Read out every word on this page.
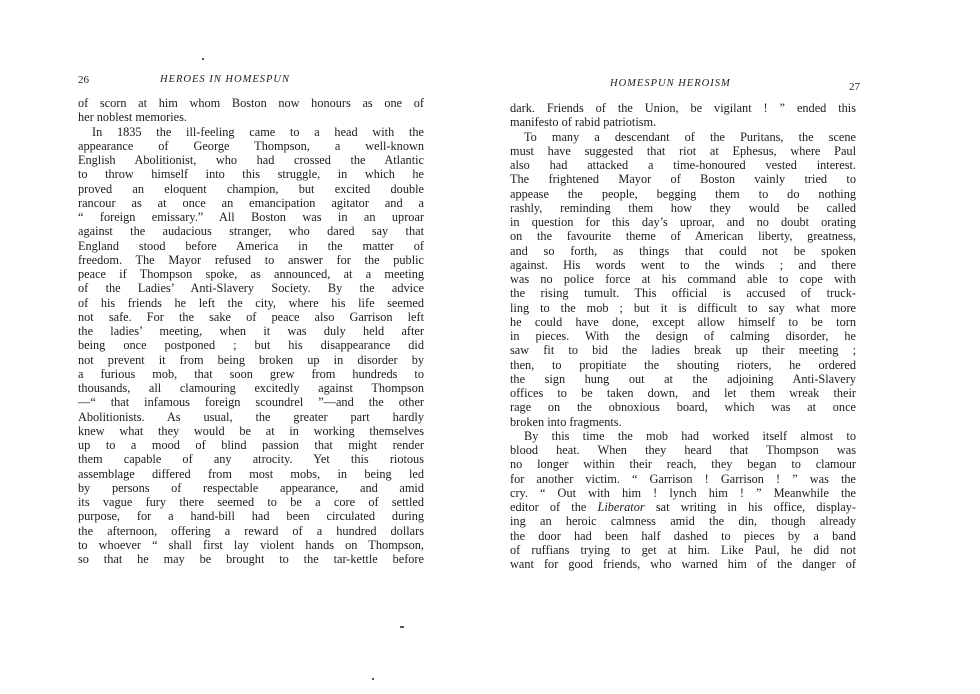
26	HEROES IN HOMESPUN
of scorn at him whom Boston now honours as one of
her noblest memories.
In 1835 the ill-feeling came to a head with the
appearance of George Thompson, a well-known
English Abolitionist, who had crossed the Atlantic
to throw himself into this struggle, in which he
proved an eloquent champion, but excited double
rancour as at once an emancipation agitator and a
“ foreign emissary.” All Boston was in an uproar
against the audacious stranger, who dared say that
England stood before America in the matter of
freedom. The Mayor refused to answer for the public
peace if Thompson spoke, as announced, at a meeting
of the Ladies’ Anti-Slavery Society. By the advice
of his friends he left the city, where his life seemed
not safe. For the sake of peace also Garrison left
the ladies’ meeting, when it was duly held after
being once postponed ; but his disappearance did
not prevent it from being broken up in disorder by
a furious mob, that soon grew from hundreds to
thousands, all clamouring excitedly against Thompson
—“ that infamous foreign scoundrel ”—and the other
Abolitionists. As usual, the greater part hardly
knew what they would be at in working themselves
up to a mood of blind passion that might render
them capable of any atrocity. Yet this riotous
assemblage differed from most mobs, in being led
by persons of respectable appearance, and amid
its vague fury there seemed to be a core of settled
purpose, for a hand-bill had been circulated during
the afternoon, offering a reward of a hundred dollars
to whoever “ shall first lay violent hands on Thompson,
so that he may be brought to the tar-kettle before
HOMESPUN HEROISM	27
dark. Friends of the Union, be vigilant ! ” ended this
manifesto of rabid patriotism.
To many a descendant of the Puritans, the scene
must have suggested that riot at Ephesus, where Paul
also had attacked a time-honoured vested interest.
The frightened Mayor of Boston vainly tried to
appease the people, begging them to do nothing
rashly, reminding them how they would be called
in question for this day’s uproar, and no doubt orating
on the favourite theme of American liberty, greatness,
and so forth, as things that could not be spoken
against. His words went to the winds ; and there
was no police force at his command able to cope with
the rising tumult. This official is accused of truck-
ling to the mob ; but it is difficult to say what more
he could have done, except allow himself to be torn
in pieces. With the design of calming disorder, he
saw fit to bid the ladies break up their meeting ;
then, to propitiate the shouting rioters, he ordered
the sign hung out at the adjoining Anti-Slavery
offices to be taken down, and let them wreak their
rage on the obnoxious board, which was at once
broken into fragments.
By this time the mob had worked itself almost to
blood heat. When they heard that Thompson was
no longer within their reach, they began to clamour
for another victim. “ Garrison ! Garrison ! ” was the
cry. “ Out with him ! lynch him ! ” Meanwhile the
editor of the Liberator sat writing in his office, display-
ing an heroic calmness amid the din, though already
the door had been half dashed to pieces by a band
of ruffians trying to get at him. Like Paul, he did not
want for good friends, who warned him of the danger of
